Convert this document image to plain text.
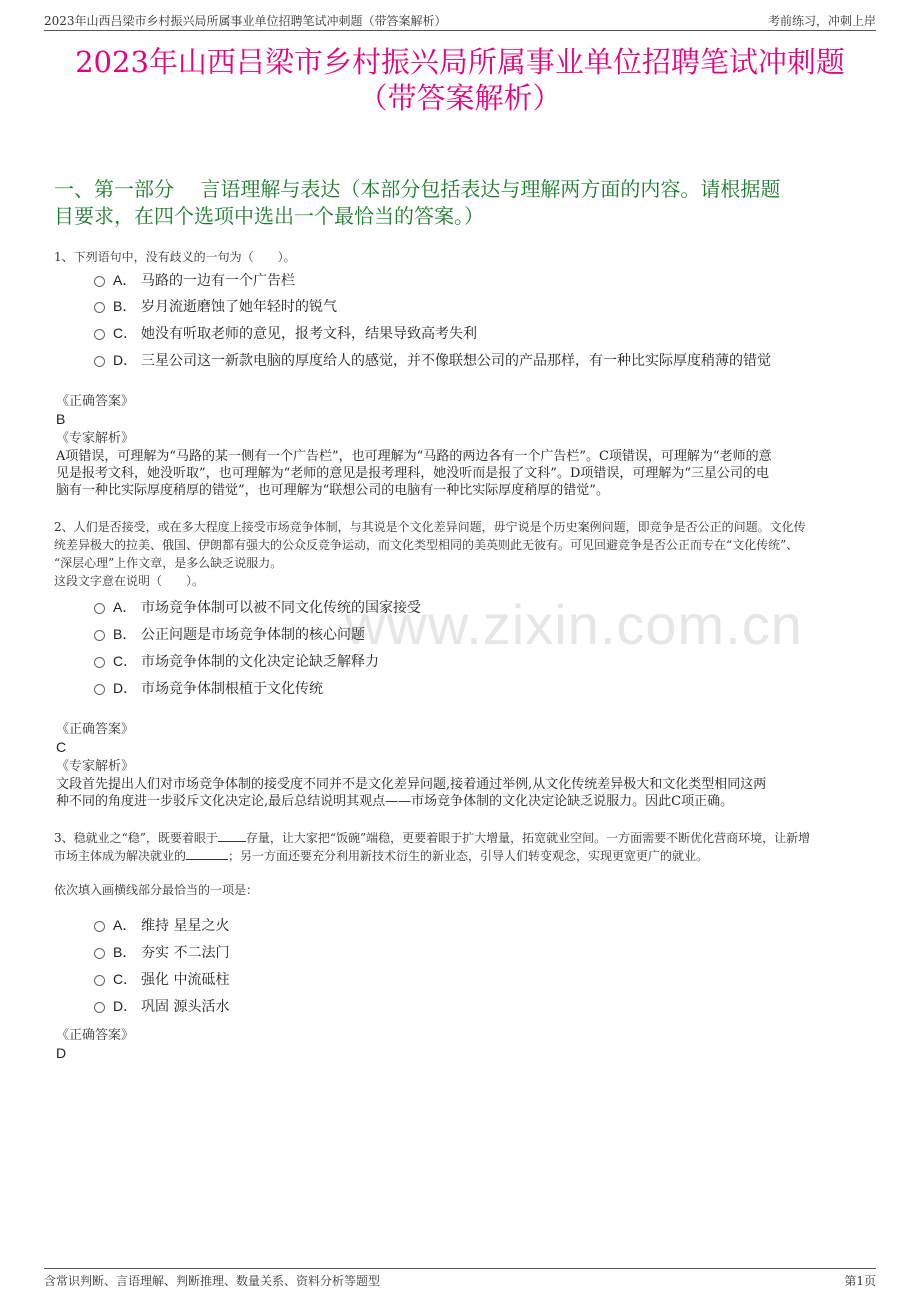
2023年山西吕梁市乡村振兴局所属事业单位招聘笔试冲刺题（带答案解析）	考前练习，冲刺上岸
2023年山西吕梁市乡村振兴局所属事业单位招聘笔试冲刺题
（带答案解析）
一、第一部分　 言语理解与表达（本部分包括表达与理解两方面的内容。请根据题
目要求，在四个选项中选出一个最恰当的答案。）
www.zixin.com.cn
1、下列语句中，没有歧义的一句为（　　）。
A． 马路的一边有一个广告栏
B． 岁月流逝磨蚀了她年轻时的锐气
C． 她没有听取老师的意见，报考文科，结果导致高考失利
D． 三星公司这一新款电脑的厚度给人的感觉，并不像联想公司的产品那样，有一种比实际厚度稍薄的错觉
《正确答案》
B
《专家解析》
A项错误，可理解为“马路的某一侧有一个广告栏”，也可理解为“马路的两边各有一个广告栏”。C项错误，可理解为“老师的意
见是报考文科，她没听取”，也可理解为“老师的意见是报考理科，她没听而是报了文科”。D项错误，可理解为“三星公司的电
脑有一种比实际厚度稍厚的错觉”，也可理解为“联想公司的电脑有一种比实际厚度稍厚的错觉”。
2、人们是否接受，或在多大程度上接受市场竞争体制，与其说是个文化差异问题，毋宁说是个历史案例问题，即竞争是否公正的问题。文化传
统差异极大的拉美、俄国、伊朗都有强大的公众反竞争运动，而文化类型相同的美英则此无彼有。可见回避竞争是否公正而专在“文化传统”、
“深层心理”上作文章，是多么缺乏说服力。
这段文字意在说明（　　）。
A． 市场竞争体制可以被不同文化传统的国家接受
B． 公正问题是市场竞争体制的核心问题
C． 市场竞争体制的文化决定论缺乏解释力
D． 市场竞争体制根植于文化传统
《正确答案》
C
《专家解析》
文段首先提出人们对市场竞争体制的接受度不同并不是文化差异问题,接着通过举例,从文化传统差异极大和文化类型相同这两
种不同的角度进一步驳斥文化决定论,最后总结说明其观点——市场竞争体制的文化决定论缺乏说服力。因此C项正确。
3、稳就业之“稳”，既要着眼于 存量，让大家把“饭碗”端稳，更要着眼于扩大增量，拓宽就业空间。一方面需要不断优化营商环境，让新增
市场主体成为解决就业的	；另一方面还要充分利用新技术衍生的新业态，引导人们转变观念，实现更宽更广的就业。
依次填入画横线部分最恰当的一项是：
A． 维持 星星之火
B． 夯实 不二法门
C． 强化 中流砥柱
D． 巩固 源头活水
《正确答案》
D
含常识判断、言语理解、判断推理、数量关系、资料分析等题型	第1页
